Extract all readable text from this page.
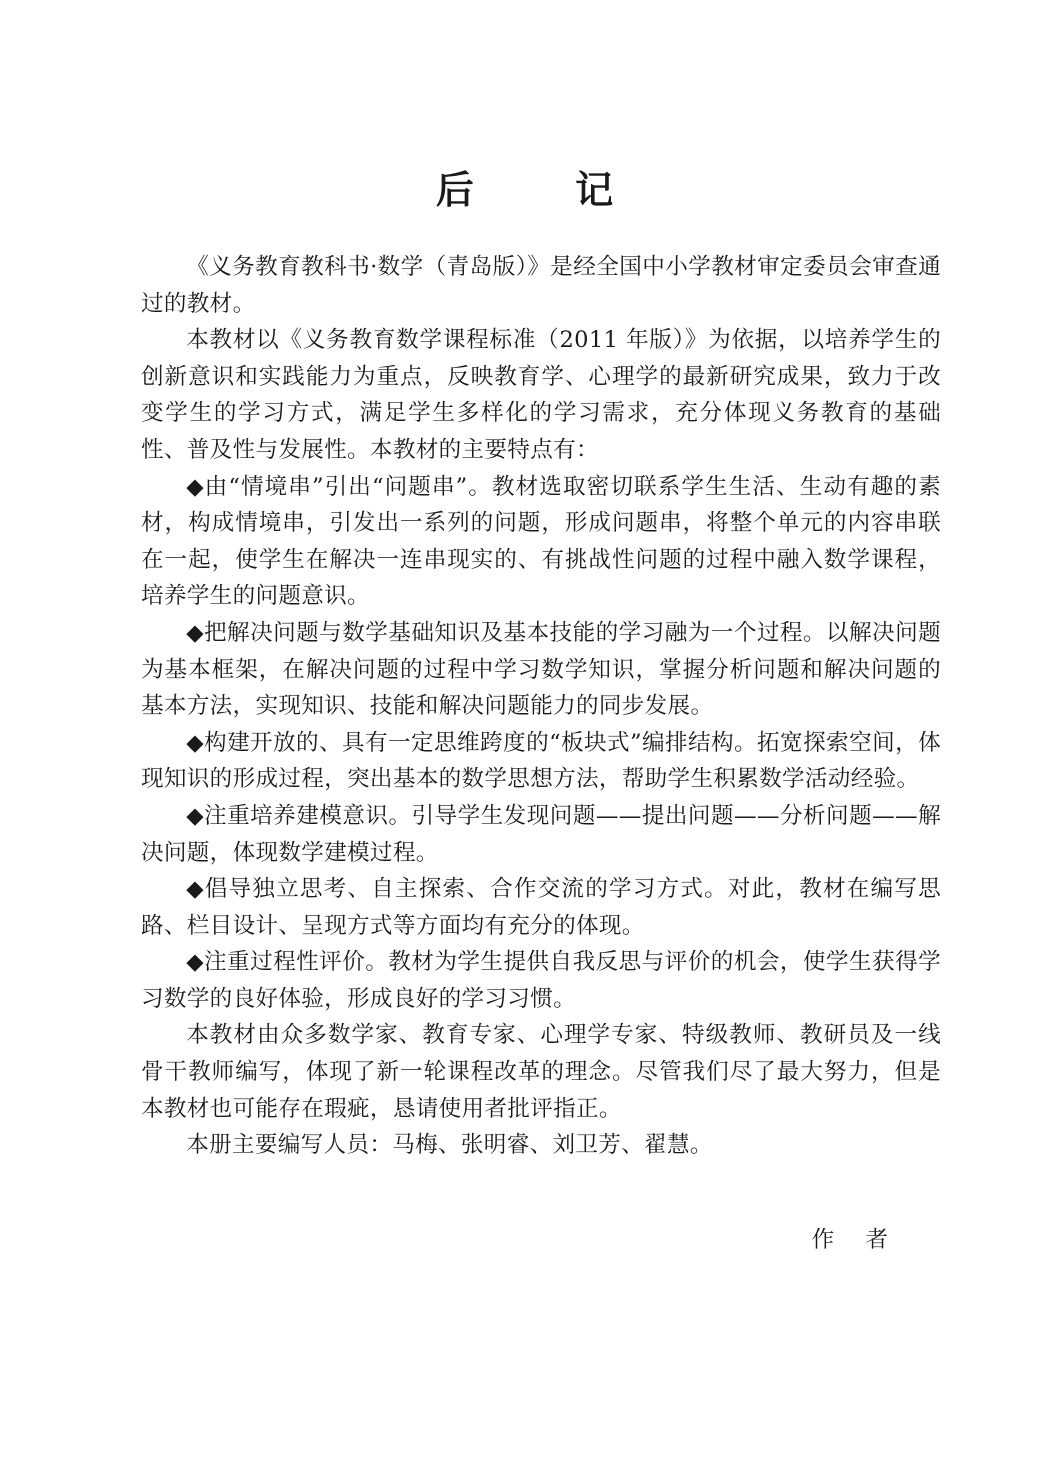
后 记

《义务教育教科书·数学（青岛版）》是经全国中小学教材审定委员会审查通过的教材。

本教材以《义务教育数学课程标准（2011 年版）》为依据，以培养学生的创新意识和实践能力为重点，反映教育学、心理学的最新研究成果，致力于改变学生的学习方式，满足学生多样化的学习需求，充分体现义务教育的基础性、普及性与发展性。本教材的主要特点有：

◆由“情境串”引出“问题串”。教材选取密切联系学生生活、生动有趣的素材，构成情境串，引发出一系列的问题，形成问题串，将整个单元的内容串联在一起，使学生在解决一连串现实的、有挑战性问题的过程中融入数学课程，培养学生的问题意识。

◆把解决问题与数学基础知识及基本技能的学习融为一个过程。以解决问题为基本框架，在解决问题的过程中学习数学知识，掌握分析问题和解决问题的基本方法，实现知识、技能和解决问题能力的同步发展。

◆构建开放的、具有一定思维跨度的“板块式”编排结构。拓宽探索空间，体现知识的形成过程，突出基本的数学思想方法，帮助学生积累数学活动经验。

◆注重培养建模意识。引导学生发现问题——提出问题——分析问题——解决问题，体现数学建模过程。

◆倡导独立思考、自主探索、合作交流的学习方式。对此，教材在编写思路、栏目设计、呈现方式等方面均有充分的体现。

◆注重过程性评价。教材为学生提供自我反思与评价的机会，使学生获得学习数学的良好体验，形成良好的学习习惯。

本教材由众多数学家、教育专家、心理学专家、特级教师、教研员及一线骨干教师编写，体现了新一轮课程改革的理念。尽管我们尽了最大努力，但是本教材也可能存在瑕疵，恳请使用者批评指正。

本册主要编写人员：马梅、张明睿、刘卫芳、翟慧。

作 者
